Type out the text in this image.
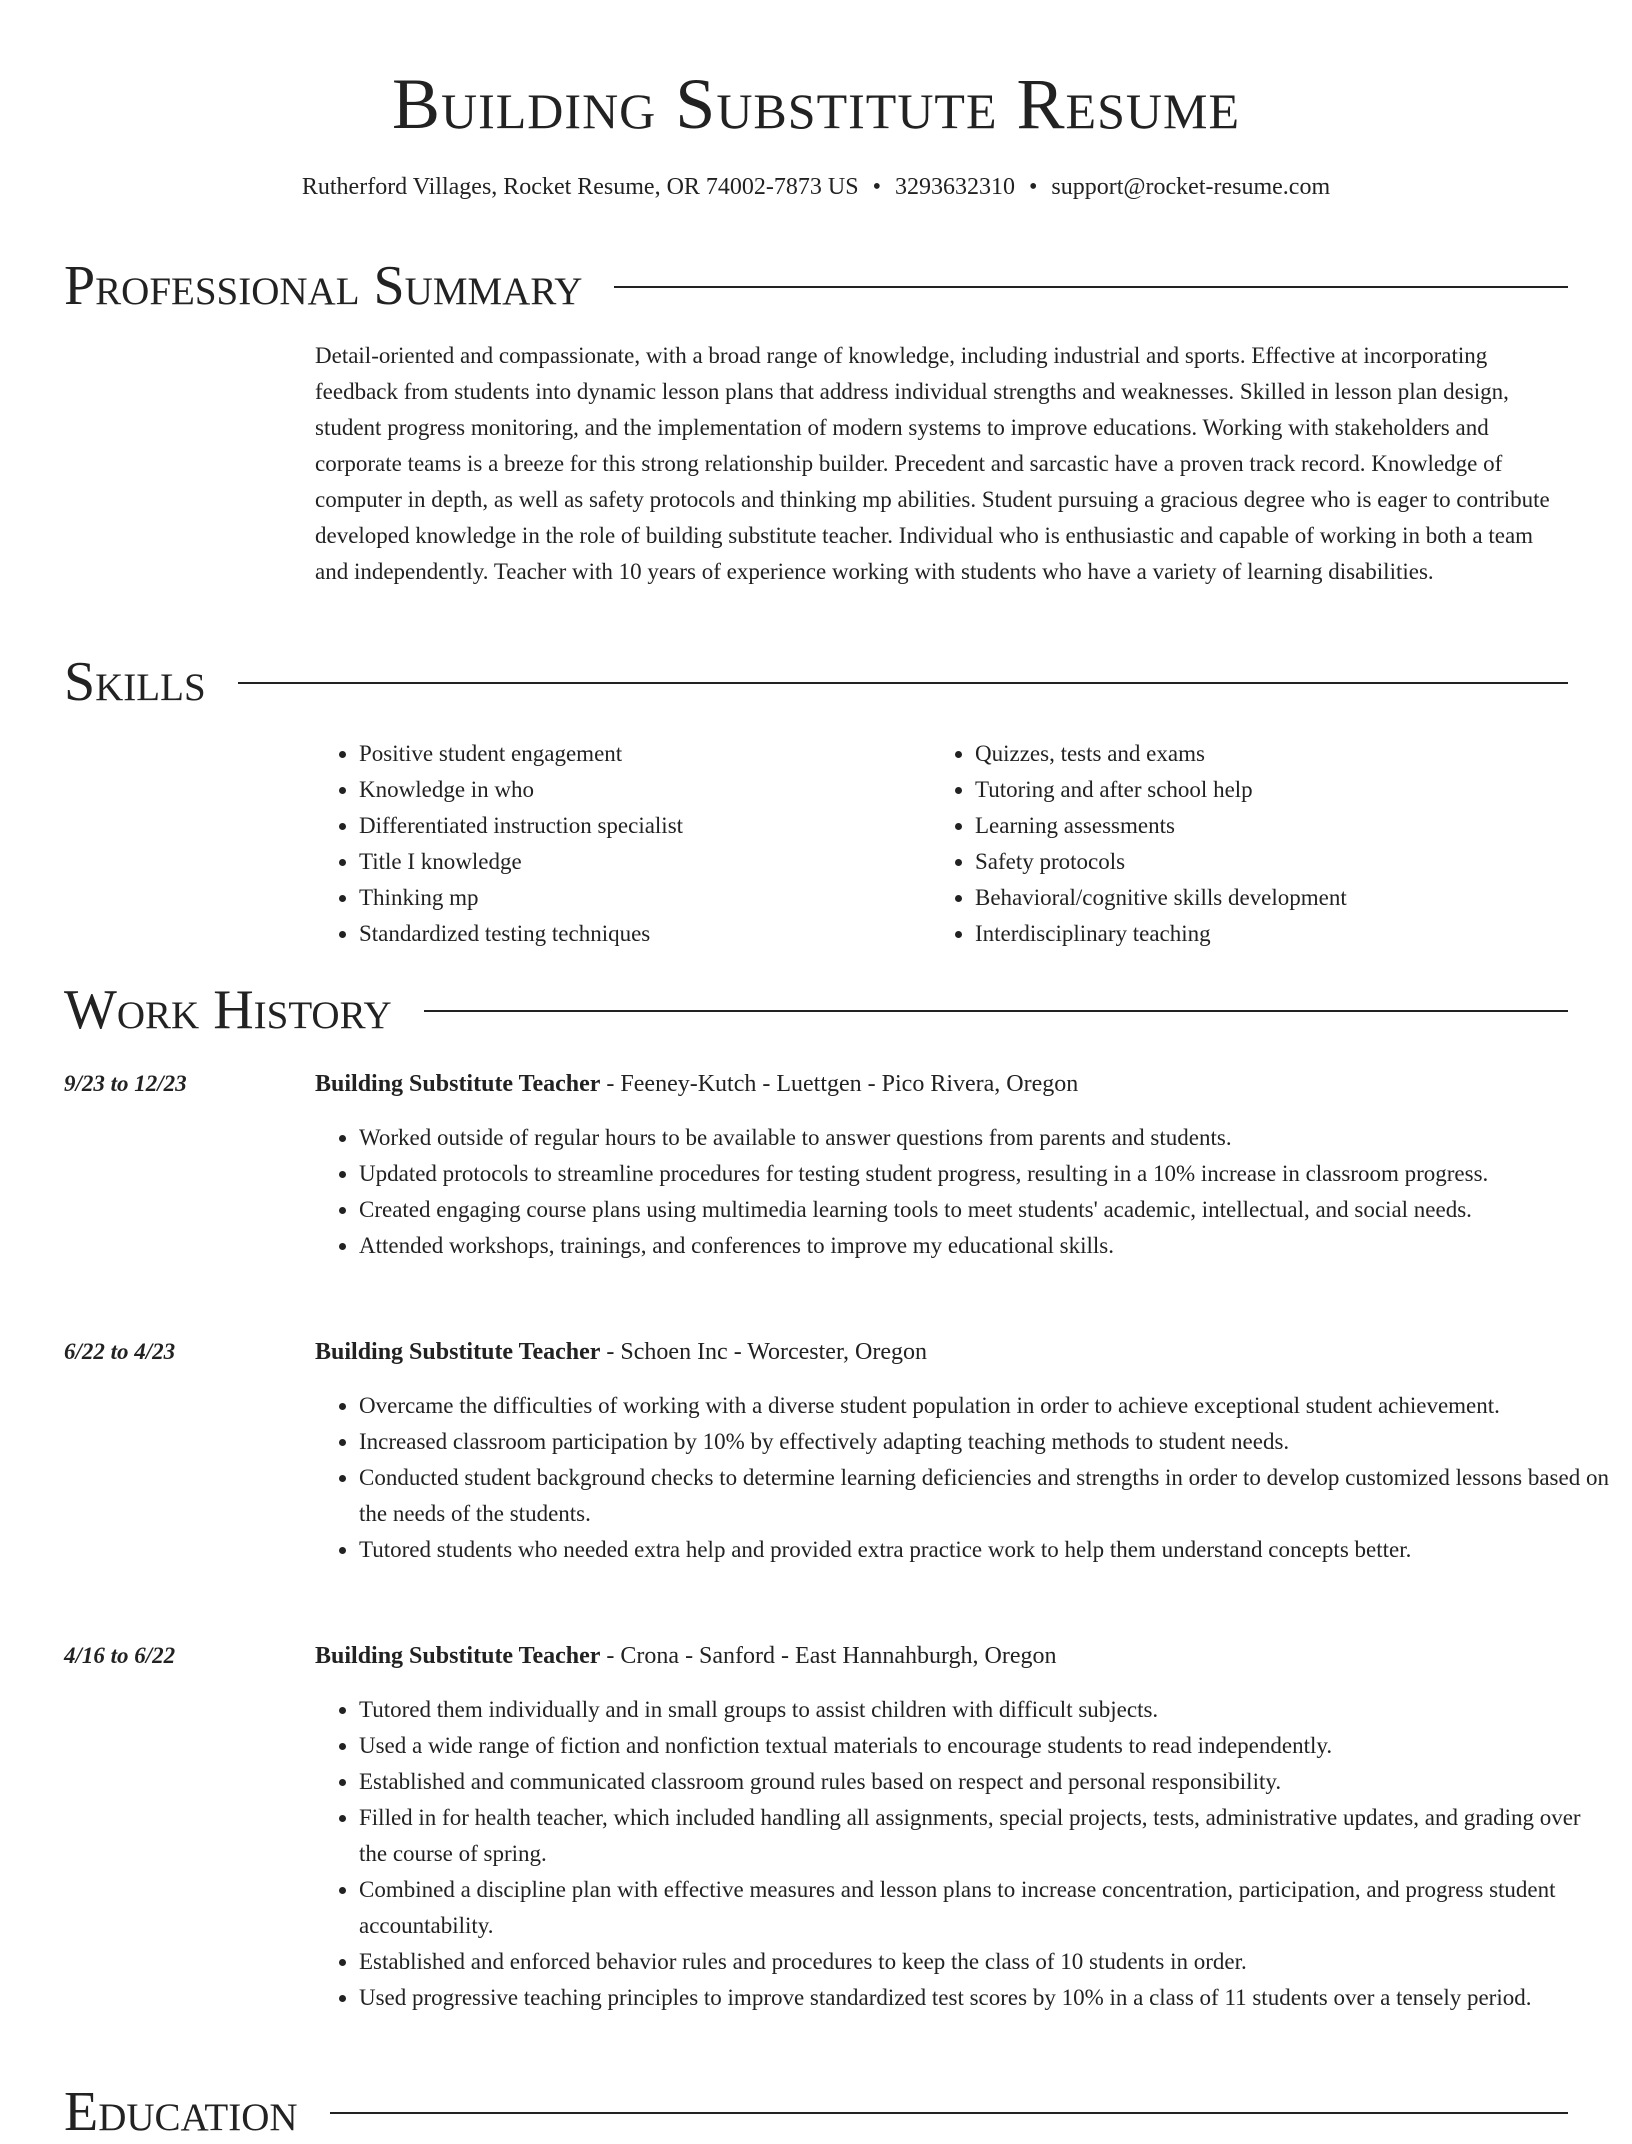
Building Substitute Resume
Rutherford Villages, Rocket Resume, OR 74002-7873 US • 3293632310 • support@rocket-resume.com
Professional Summary

Detail-oriented and compassionate, with a broad range of knowledge, including industrial and sports. Effective at incorporating feedback from students into dynamic lesson plans that address individual strengths and weaknesses. Skilled in lesson plan design, student progress monitoring, and the implementation of modern systems to improve educations. Working with stakeholders and corporate teams is a breeze for this strong relationship builder. Precedent and sarcastic have a proven track record. Knowledge of computer in depth, as well as safety protocols and thinking mp abilities. Student pursuing a gracious degree who is eager to contribute developed knowledge in the role of building substitute teacher. Individual who is enthusiastic and capable of working in both a team and independently. Teacher with 10 years of experience working with students who have a variety of learning disabilities.

Skills
• Positive student engagement
• Knowledge in who
• Differentiated instruction specialist
• Title I knowledge
• Thinking mp
• Standardized testing techniques
• Quizzes, tests and exams
• Tutoring and after school help
• Learning assessments
• Safety protocols
• Behavioral/cognitive skills development
• Interdisciplinary teaching
Work History
9/23 to 12/23	Building Substitute Teacher - Feeney-Kutch - Luettgen - Pico Rivera, Oregon
• Worked outside of regular hours to be available to answer questions from parents and students.
• Updated protocols to streamline procedures for testing student progress, resulting in a 10% increase in classroom progress.
• Created engaging course plans using multimedia learning tools to meet students' academic, intellectual, and social needs.
• Attended workshops, trainings, and conferences to improve my educational skills.
6/22 to 4/23	Building Substitute Teacher - Schoen Inc - Worcester, Oregon
• Overcame the difficulties of working with a diverse student population in order to achieve exceptional student achievement.
• Increased classroom participation by 10% by effectively adapting teaching methods to student needs.
• Conducted student background checks to determine learning deficiencies and strengths in order to develop customized lessons based on the needs of the students.
• Tutored students who needed extra help and provided extra practice work to help them understand concepts better.
4/16 to 6/22	Building Substitute Teacher - Crona - Sanford - East Hannahburgh, Oregon
• Tutored them individually and in small groups to assist children with difficult subjects.
• Used a wide range of fiction and nonfiction textual materials to encourage students to read independently.
• Established and communicated classroom ground rules based on respect and personal responsibility.
• Filled in for health teacher, which included handling all assignments, special projects, tests, administrative updates, and grading over the course of spring.
• Combined a discipline plan with effective measures and lesson plans to increase concentration, participation, and progress student accountability.
• Established and enforced behavior rules and procedures to keep the class of 10 students in order.
• Used progressive teaching principles to improve standardized test scores by 10% in a class of 11 students over a tensely period.
Education
